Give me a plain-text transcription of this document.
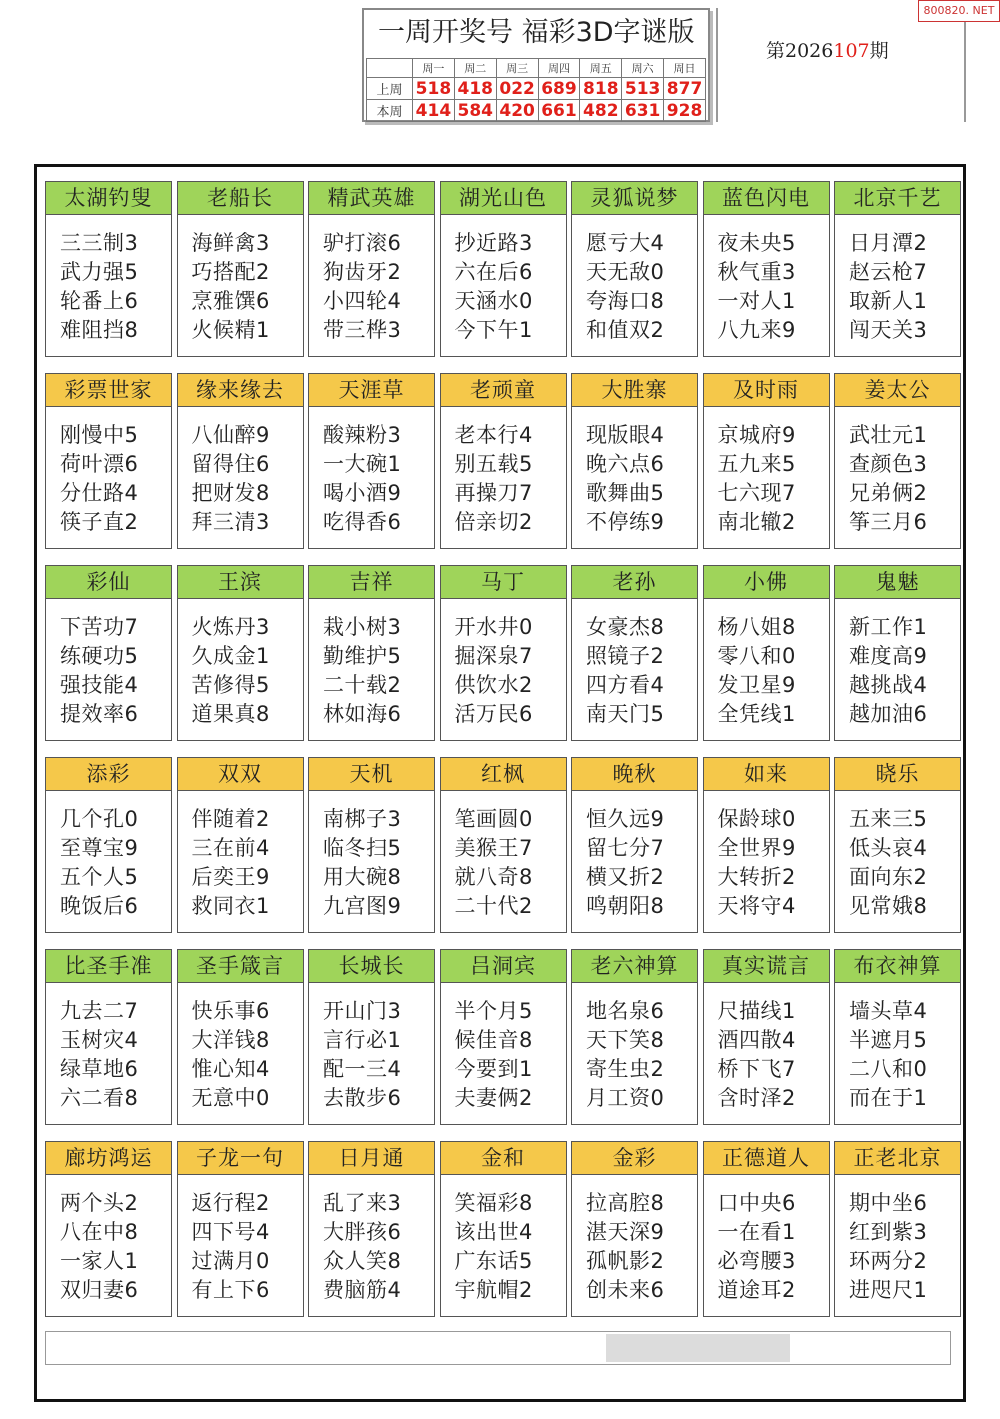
一周开奖号 福彩3D字谜版
	周一	周二	周三	周四	周五	周六	周日
上周	518	418	022	689	818	513	877
本周	414	584	420	661	482	631	928
第2026107期
800820. NET
太湖钓叟
三三制3
武力强5
轮番上6
难阻挡8
老船长
海鲜禽3
巧搭配2
烹雅馔6
火候精1
精武英雄
驴打滚6
狗齿牙2
小四轮4
带三桦3
湖光山色
抄近路3
六在后6
天涵水0
今下午1
灵狐说梦
愿亏大4
天无敌0
夸海口8
和值双2
蓝色闪电
夜未央5
秋气重3
一对人1
八九来9
北京千艺
日月潭2
赵云枪7
取新人1
闯天关3
彩票世家
刚慢中5
荷叶漂6
分仕路4
筷子直2
缘来缘去
八仙醉9
留得住6
把财发8
拜三清3
天涯草
酸辣粉3
一大碗1
喝小酒9
吃得香6
老顽童
老本行4
别五载5
再操刀7
倍亲切2
大胜寨
现版眼4
晚六点6
歌舞曲5
不停练9
及时雨
京城府9
五九来5
七六现7
南北辙2
姜太公
武壮元1
查颜色3
兄弟俩2
筝三月6
彩仙
下苦功7
练硬功5
强技能4
提效率6
王滨
火炼丹3
久成金1
苦修得5
道果真8
吉祥
栽小树3
勤维护5
二十载2
林如海6
马丁
开水井0
掘深泉7
供饮水2
活万民6
老孙
女豪杰8
照镜子2
四方看4
南天门5
小佛
杨八姐8
零八和0
发卫星9
全凭线1
鬼魅
新工作1
难度高9
越挑战4
越加油6
添彩
几个孔0
至尊宝9
五个人5
晚饭后6
双双
伴随着2
三在前4
后奕王9
救同衣1
天机
南梆子3
临冬扫5
用大碗8
九宫图9
红枫
笔画圆0
美猴王7
就八奇8
二十代2
晚秋
恒久远9
留七分7
横又折2
鸣朝阳8
如来
保龄球0
全世界9
大转折2
天将守4
晓乐
五来三5
低头哀4
面向东2
见常娥8
比圣手准
九去二7
玉树灾4
绿草地6
六二看8
圣手箴言
快乐事6
大洋钱8
惟心知4
无意中0
长城长
开山门3
言行必1
配一三4
去散步6
吕洞宾
半个月5
候佳音8
今要到1
夫妻俩2
老六神算
地名泉6
天下笑8
寄生虫2
月工资0
真实谎言
尺描线1
酒四散4
桥下飞7
含时泽2
布衣神算
墙头草4
半遮月5
二八和0
而在于1
廊坊鸿运
两个头2
八在中8
一家人1
双归妻6
子龙一句
返行程2
四下号4
过满月0
有上下6
日月通
乱了来3
大胖孩6
众人笑8
费脑筋4
金和
笑福彩8
该出世4
广东话5
宇航帽2
金彩
拉高腔8
湛天深9
孤帆影2
创未来6
正德道人
口中央6
一在看1
必弯腰3
道途耳2
正老北京
期中坐6
红到紫3
环两分2
进咫尺1
